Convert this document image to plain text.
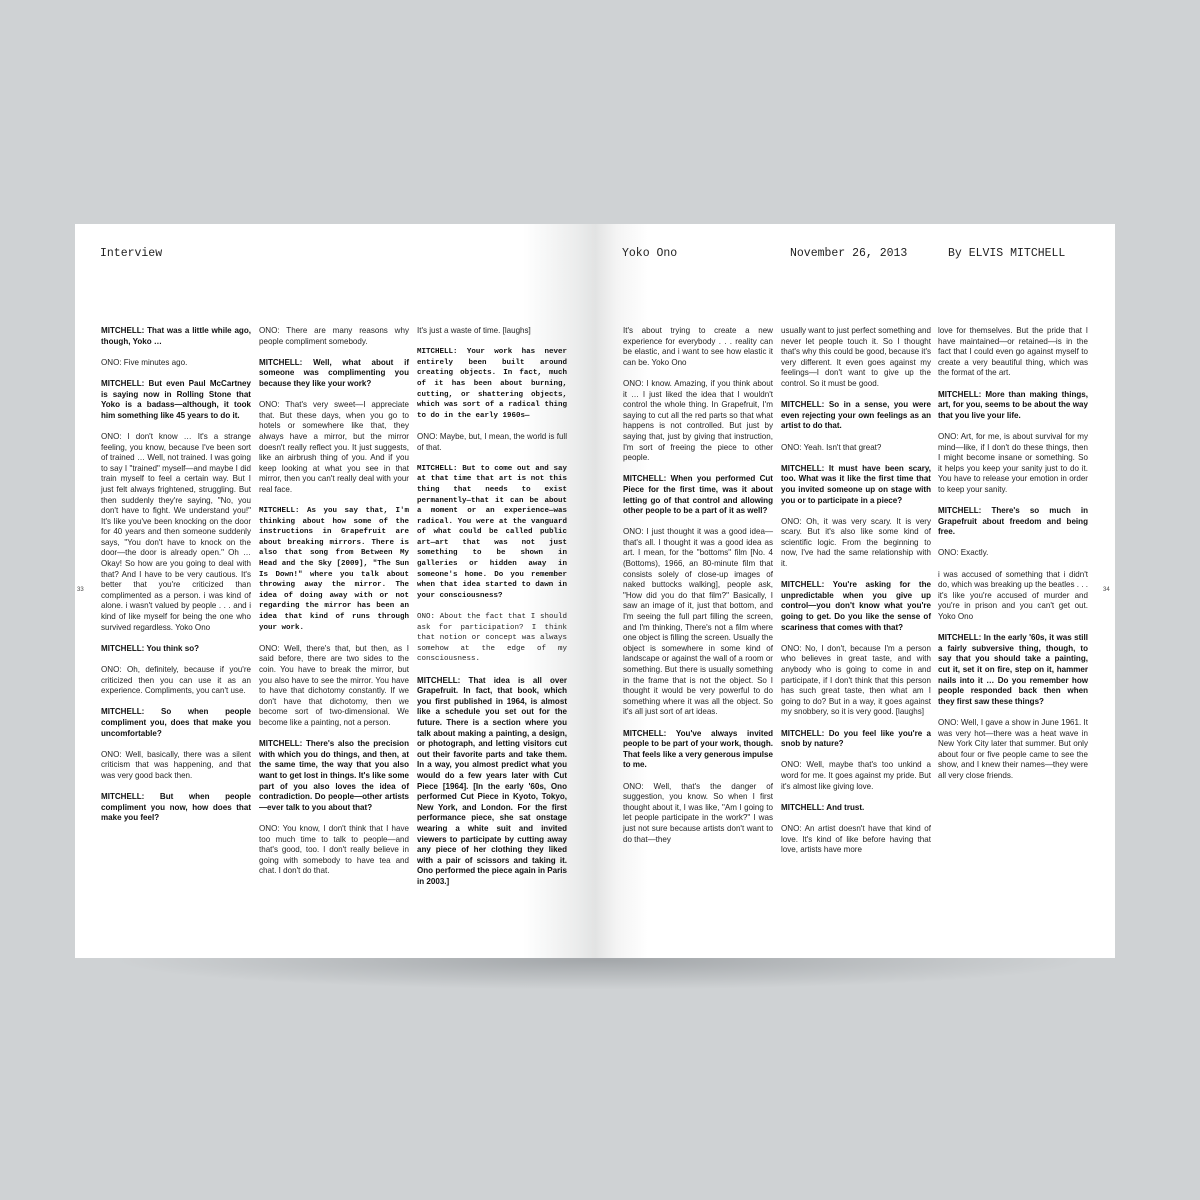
Interview
33

MITCHELL: That was a little while ago, though, Yoko …

ONO: Five minutes ago.

MITCHELL: But even Paul McCartney is saying now in Rolling Stone that Yoko is a badass—although, it took him something like 45 years to do it.

ONO: I don't know … It's a strange feeling, you know, because I've been sort of trained … Well, not trained. I was going to say I "trained" myself—and maybe I did train myself to feel a certain way. But I just felt always frightened, struggling. But then suddenly they're saying, "No, you don't have to fight. We understand you!" It's like you've been knocking on the door for 40 years and then someone suddenly says, "You don't have to knock on the door—the door is already open." Oh … Okay! So how are you going to deal with that? And I have to be very cautious. It's better that you're criticized than complimented as a person. i was kind of alone. i wasn't valued by people . . . and i kind of like myself for being the one who survived regardless. Yoko Ono

MITCHELL: You think so?

ONO: Oh, definitely, because if you're criticized then you can use it as an experience. Compliments, you can't use.

MITCHELL: So when people compliment you, does that make you uncomfortable?

ONO: Well, basically, there was a silent criticism that was happening, and that was very good back then.

MITCHELL: But when people compliment you now, how does that make you feel?

ONO: There are many reasons why people compliment somebody.

MITCHELL: Well, what about if someone was complimenting you because they like your work?

ONO: That's very sweet—I appreciate that. But these days, when you go to hotels or somewhere like that, they always have a mirror, but the mirror doesn't really reflect you. It just suggests, like an airbrush thing of you. And if you keep looking at what you see in that mirror, then you can't really deal with your real face.

MITCHELL: As you say that, I'm thinking about how some of the instructions in Grapefruit are about breaking mirrors. There is also that song from Between My Head and the Sky [2009], "The Sun Is Down!" where you talk about throwing away the mirror. The idea of doing away with or not regarding the mirror has been an idea that kind of runs through your work.

ONO: Well, there's that, but then, as I said before, there are two sides to the coin. You have to break the mirror, but you also have to see the mirror. You have to have that dichotomy constantly. If we don't have that dichotomy, then we become sort of two-dimensional. We become like a painting, not a person.

MITCHELL: There's also the precision with which you do things, and then, at the same time, the way that you also want to get lost in things. It's like some part of you also loves the idea of contradiction. Do people—other artists—ever talk to you about that?

ONO: You know, I don't think that I have too much time to talk to people—and that's good, too. I don't really believe in going with somebody to have tea and chat. I don't do that.

It's just a waste of time. [laughs]

MITCHELL: Your work has never entirely been built around creating objects. In fact, much of it has been about burning, cutting, or shattering objects, which was sort of a radical thing to do in the early 1960s—

ONO: Maybe, but, I mean, the world is full of that.

MITCHELL: But to come out and say at that time that art is not this thing that needs to exist permanently—that it can be about a moment or an experience—was radical. You were at the vanguard of what could be called public art—art that was not just something to be shown in galleries or hidden away in someone's home. Do you remember when that idea started to dawn in your consciousness?

ONO: About the fact that I should ask for participation? I think that notion or concept was always somehow at the edge of my consciousness.

MITCHELL: That idea is all over Grapefruit. In fact, that book, which you first published in 1964, is almost like a schedule you set out for the future. There is a section where you talk about making a painting, a design, or photograph, and letting visitors cut out their favorite parts and take them. In a way, you almost predict what you would do a few years later with Cut Piece [1964]. [In the early '60s, Ono performed Cut Piece in Kyoto, Tokyo, New York, and London. For the first performance piece, she sat onstage wearing a white suit and invited viewers to participate by cutting away any piece of her clothing they liked with a pair of scissors and taking it. Ono performed the piece again in Paris in 2003.]

Yoko Ono	November 26, 2013	By ELVIS MITCHELL
34

It's about trying to create a new experience for everybody . . . reality can be elastic, and i want to see how elastic it can be. Yoko Ono

ONO: I know. Amazing, if you think about it … I just liked the idea that I wouldn't control the whole thing. In Grapefruit, I'm saying to cut all the red parts so that what happens is not controlled. But just by saying that, just by giving that instruction, I'm sort of freeing the piece to other people.

MITCHELL: When you performed Cut Piece for the first time, was it about letting go of that control and allowing other people to be a part of it as well?

ONO: I just thought it was a good idea—that's all. I thought it was a good idea as art. I mean, for the "bottoms" film [No. 4 (Bottoms), 1966, an 80-minute film that consists solely of close-up images of naked buttocks walking], people ask, "How did you do that film?" Basically, I saw an image of it, just that bottom, and I'm seeing the full part filling the screen, and I'm thinking, There's not a film where one object is filling the screen. Usually the object is somewhere in some kind of landscape or against the wall of a room or something. But there is usually something in the frame that is not the object. So I thought it would be very powerful to do something where it was all the object. So it's all just sort of art ideas.

MITCHELL: You've always invited people to be part of your work, though. That feels like a very generous impulse to me.

ONO: Well, that's the danger of suggestion, you know. So when I first thought about it, I was like, "Am I going to let people participate in the work?" I was just not sure because artists don't want to do that—they

usually want to just perfect something and never let people touch it. So I thought that's why this could be good, because it's very different. It even goes against my feelings—I don't want to give up the control. So it must be good.

MITCHELL: So in a sense, you were even rejecting your own feelings as an artist to do that.

ONO: Yeah. Isn't that great?

MITCHELL: It must have been scary, too. What was it like the first time that you invited someone up on stage with you or to participate in a piece?

ONO: Oh, it was very scary. It is very scary. But it's also like some kind of scientific logic. From the beginning to now, I've had the same relationship with it.

MITCHELL: You're asking for the unpredictable when you give up control—you don't know what you're going to get. Do you like the sense of scariness that comes with that?

ONO: No, I don't, because I'm a person who believes in great taste, and with anybody who is going to come in and participate, if I don't think that this person has such great taste, then what am I going to do? But in a way, it goes against my snobbery, so it is very good. [laughs]

MITCHELL: Do you feel like you're a snob by nature?

ONO: Well, maybe that's too unkind a word for me. It goes against my pride. But it's almost like giving love.

MITCHELL: And trust.

ONO: An artist doesn't have that kind of love. It's kind of like before having that love, artists have more

love for themselves. But the pride that I have maintained—or retained—is in the fact that I could even go against myself to create a very beautiful thing, which was the format of the art.

MITCHELL: More than making things, art, for you, seems to be about the way that you live your life.

ONO: Art, for me, is about survival for my mind—like, if I don't do these things, then I might become insane or something. So it helps you keep your sanity just to do it. You have to release your emotion in order to keep your sanity.

MITCHELL: There's so much in Grapefruit about freedom and being free.

ONO: Exactly.

i was accused of something that i didn't do, which was breaking up the beatles . . . it's like you're accused of murder and you're in prison and you can't get out. Yoko Ono

MITCHELL: In the early '60s, it was still a fairly subversive thing, though, to say that you should take a painting, cut it, set it on fire, step on it, hammer nails into it … Do you remember how people responded back then when they first saw these things?

ONO: Well, I gave a show in June 1961. It was very hot—there was a heat wave in New York City later that summer. But only about four or five people came to see the show, and I knew their names—they were all very close friends.
